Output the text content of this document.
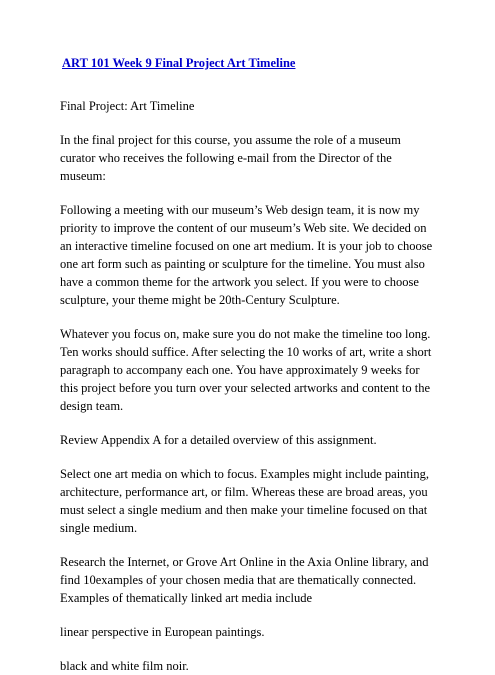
ART 101 Week 9 Final Project Art Timeline

Final Project: Art Timeline

In the final project for this course, you assume the role of a museum curator who receives the following e-mail from the Director of the museum:

Following a meeting with our museum’s Web design team, it is now my priority to improve the content of our museum’s Web site. We decided on an interactive timeline focused on one art medium. It is your job to choose one art form such as painting or sculpture for the timeline. You must also have a common theme for the artwork you select. If you were to choose sculpture, your theme might be 20th-Century Sculpture.

Whatever you focus on, make sure you do not make the timeline too long. Ten works should suffice. After selecting the 10 works of art, write a short paragraph to accompany each one. You have approximately 9 weeks for this project before you turn over your selected artworks and content to the design team.

Review Appendix A for a detailed overview of this assignment.

Select one art media on which to focus. Examples might include painting, architecture, performance art, or film. Whereas these are broad areas, you must select a single medium and then make your timeline focused on that single medium.

Research the Internet, or Grove Art Online in the Axia Online library, and find 10examples of your chosen media that are thematically connected. Examples of thematically linked art media include

linear perspective in European paintings.

black and white film noir.
